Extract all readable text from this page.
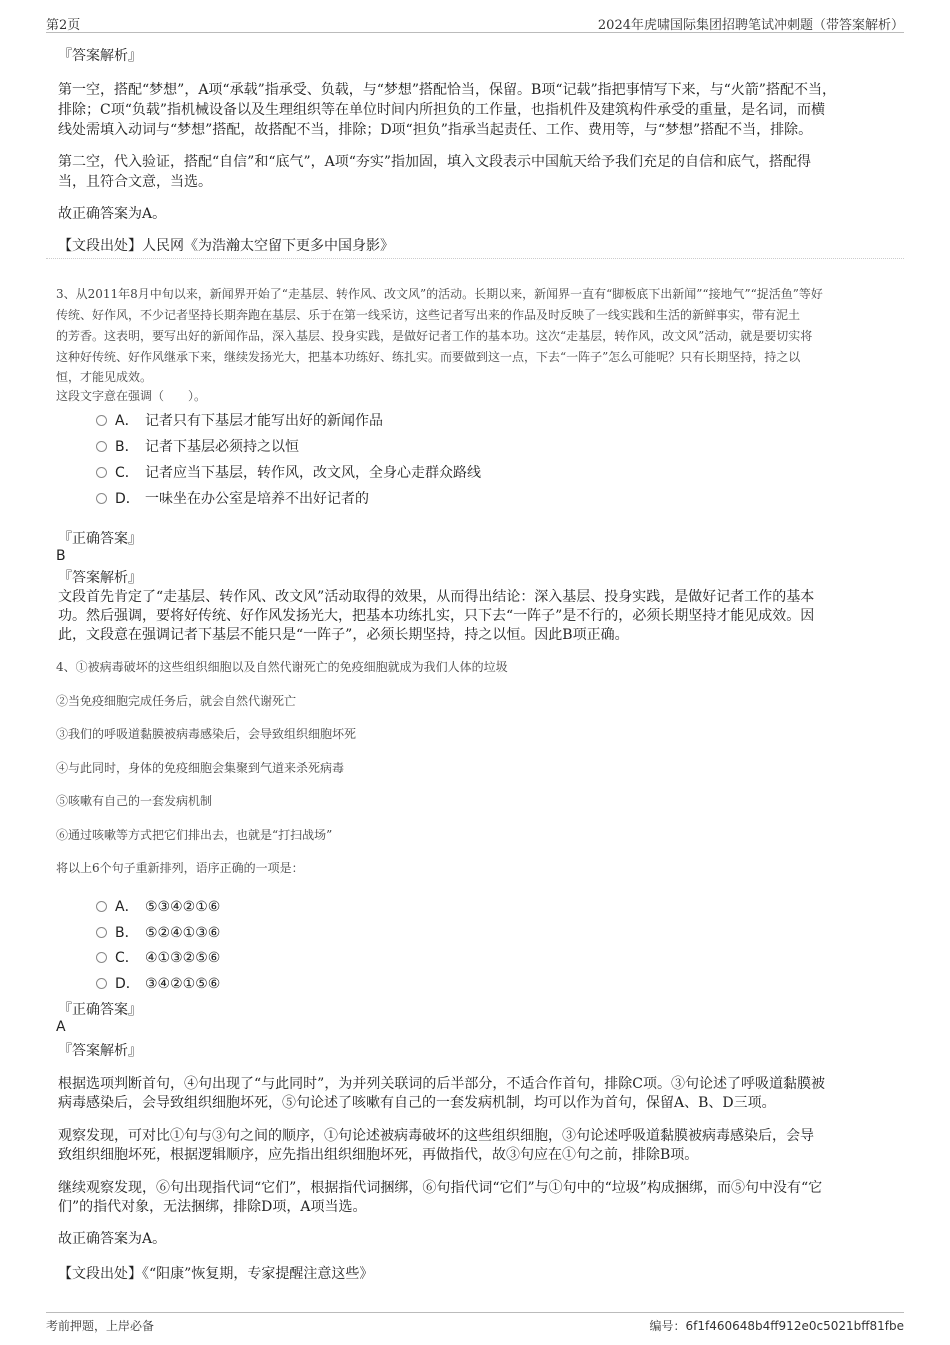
第2页	2024年虎啸国际集团招聘笔试冲刺题（带答案解析）
『答案解析』
第一空，搭配“梦想”，A项“承载”指承受、负载，与“梦想”搭配恰当，保留。B项“记载”指把事情写下来，与“火箭”搭配不当，
排除；C项“负载”指机械设备以及生理组织等在单位时间内所担负的工作量，也指机件及建筑构件承受的重量，是名词，而横
线处需填入动词与“梦想”搭配，故搭配不当，排除；D项“担负”指承当起责任、工作、费用等，与“梦想”搭配不当，排除。
第二空，代入验证，搭配“自信”和“底气”，A项“夯实”指加固，填入文段表示中国航天给予我们充足的自信和底气，搭配得
当，且符合文意，当选。
故正确答案为A。
【文段出处】人民网《为浩瀚太空留下更多中国身影》
3、从2011年8月中旬以来，新闻界开始了“走基层、转作风、改文风”的活动。长期以来，新闻界一直有“脚板底下出新闻”“接地气”“捉活鱼”等好
传统、好作风，不少记者坚持长期奔跑在基层、乐于在第一线采访，这些记者写出来的作品及时反映了一线实践和生活的新鲜事实，带有泥土
的芳香。这表明，要写出好的新闻作品，深入基层、投身实践，是做好记者工作的基本功。这次“走基层，转作风，改文风”活动，就是要切实将
这种好传统、好作风继承下来，继续发扬光大，把基本功练好、练扎实。而要做到这一点，下去“一阵子”怎么可能呢？只有长期坚持，持之以
恒，才能见成效。
这段文字意在强调（　　）。
A． 记者只有下基层才能写出好的新闻作品
B． 记者下基层必须持之以恒
C． 记者应当下基层，转作风，改文风，全身心走群众路线
D． 一味坐在办公室是培养不出好记者的
『正确答案』
B
『答案解析』
文段首先肯定了“走基层、转作风、改文风”活动取得的效果，从而得出结论：深入基层、投身实践，是做好记者工作的基本
功。然后强调，要将好传统、好作风发扬光大，把基本功练扎实，只下去“一阵子”是不行的，必须长期坚持才能见成效。因
此，文段意在强调记者下基层不能只是“一阵子”，必须长期坚持，持之以恒。因此B项正确。
4、①被病毒破坏的这些组织细胞以及自然代谢死亡的免疫细胞就成为我们人体的垃圾
②当免疫细胞完成任务后，就会自然代谢死亡
③我们的呼吸道黏膜被病毒感染后，会导致组织细胞坏死
④与此同时，身体的免疫细胞会集聚到气道来杀死病毒
⑤咳嗽有自己的一套发病机制
⑥通过咳嗽等方式把它们排出去，也就是“打扫战场”
将以上6个句子重新排列，语序正确的一项是：
A． ⑤③④②①⑥
B． ⑤②④①③⑥
C． ④①③②⑤⑥
D． ③④②①⑤⑥
『正确答案』
A
『答案解析』
根据选项判断首句，④句出现了“与此同时”，为并列关联词的后半部分，不适合作首句，排除C项。③句论述了呼吸道黏膜被
病毒感染后，会导致组织细胞坏死，⑤句论述了咳嗽有自己的一套发病机制，均可以作为首句，保留A、B、D三项。
观察发现，可对比①句与③句之间的顺序，①句论述被病毒破坏的这些组织细胞，③句论述呼吸道黏膜被病毒感染后，会导
致组织细胞坏死，根据逻辑顺序，应先指出组织细胞坏死，再做指代，故③句应在①句之前，排除B项。
继续观察发现，⑥句出现指代词“它们”，根据指代词捆绑，⑥句指代词“它们”与①句中的“垃圾”构成捆绑，而⑤句中没有“它
们”的指代对象，无法捆绑，排除D项，A项当选。
故正确答案为A。
【文段出处】《“阳康”恢复期，专家提醒注意这些》
考前押题，上岸必备	编号：6f1f460648b4ff912e0c5021bff81fbe
